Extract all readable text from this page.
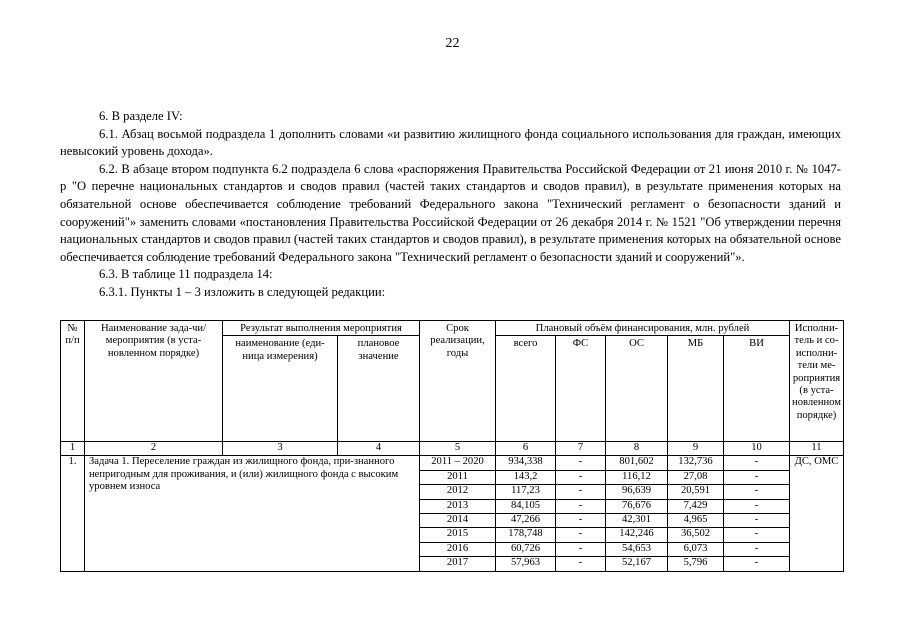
22

6. В разделе IV:

6.1. Абзац восьмой подраздела 1 дополнить словами «и развитию жилищного фонда социального использования для граждан, имеющих невысокий уровень дохода».

6.2. В абзаце втором подпункта 6.2 подраздела 6 слова «распоряжения Правительства Российской Федерации от 21 июня 2010 г. № 1047-р "О перечне национальных стандартов и сводов правил (частей таких стандартов и сводов правил), в результате применения которых на обязательной основе обеспечивается соблюдение требований Федерального закона "Технический регламент о безопасности зданий и сооружений"» заменить словами «постановления Правительства Российской Федерации от 26 декабря 2014 г. № 1521 "Об утверждении перечня национальных стандартов и сводов правил (частей таких стандартов и сводов правил), в результате применения которых на обязательной основе обеспечивается соблюдение требований Федерального закона "Технический регламент о безопасности зданий и сооружений"».

6.3. В таблице 11 подраздела 14:

6.3.1. Пункты 1 – 3 изложить в следующей редакции:

№ п/п	Наименование зада-чи/мероприятия (в уста-новленном порядке)	Результат выполнения мероприятия		Срок реализации, годы	Плановый объём финансирования, млн. рублей					Исполни-тель и со-исполни-тели ме-роприятия (в уста-новленном порядке)
		наименование (еди-ница измерения)	плановое значение		всего	ФС	ОС	МБ	ВИ	
1	2	3	4	5	6	7	8	9	10	11
1.	Задача 1. Переселение граждан из жилищного фонда, при-знанного непригодным для проживания, и (или) жилищного фонда с высоким уровнем износа			2011 – 2020	934,338	-	801,602	132,736	-	ДС, ОМС
				2011	143,2	-	116,12	27,08	-	
				2012	117,23	-	96,639	20,591	-	
				2013	84,105	-	76,676	7,429	-	
				2014	47,266	-	42,301	4,965	-	
				2015	178,748	-	142,246	36,502	-	
				2016	60,726	-	54,653	6,073	-	
				2017	57,963	-	52,167	5,796	-	
